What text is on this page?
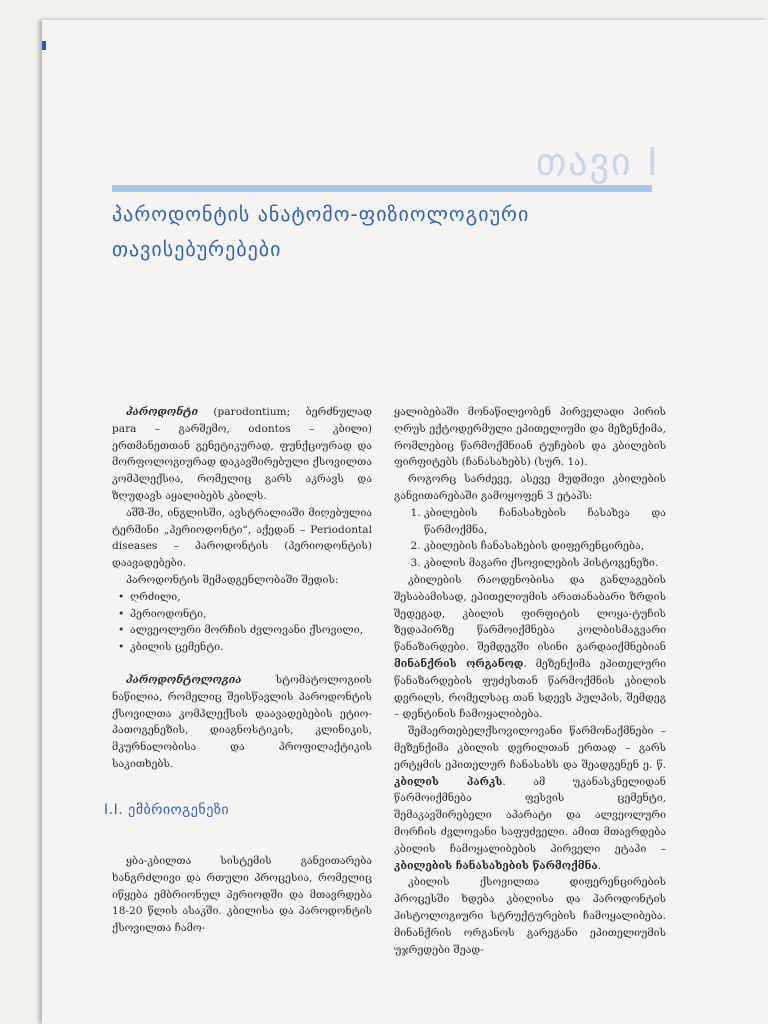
თავი I
პაროდონტის ანატომო-ფიზიოლოგიური თავისებურებები

პაროდონტი (parodontium; ბერძნულად para – გარშემო, odontos – კბილი) ერთმანეთთან გენეტიკურად, ფუნქციურად და მორფოლოგიურად დაკავშირებული ქსოვილთა კომპლექსია, რომელიც გარს აკრავს და ზღუდავს აყალიბებს კბილს.

აშშ-ში, ინგლისში, ავსტრალიაში მიღებულია ტერმინი „პერიოდონტი“, აქედან – Periodontal diseases – პაროდონტის (პერიოდონტის) დაავადებები.

პაროდონტის შემადგენლობაში შედის:

• ღრძილი,
• პერიოდონტი,
• ალვეოლური მორჩის ძვლოვანი ქსოვილი,
• კბილის ცემენტი.

პაროდონტოლოგია სტომატოლოგიის ნაწილია, რომელიც შეისწავლის პაროდონტის ქსოვილთა კომპლექსის დაავადებების ეტიო-პათოგენეზის, დიაგნოსტიკის, კლინიკის, მკურნალობისა და პროფილაქტიკის საკითხებს.

I.I. ემბრიოგენეზი

ყბა-კბილთა სისტემის განვითარება ხანგრძლივი და რთული პროცესია, რომელიც იწყება ემბრიონულ პერიოდში და მთავრდება 18-20 წლის ასაკში. კბილისა და პაროდონტის ქსოვილთა ჩამო-

ყალიბებაში მონაწილეობენ პირველადი პირის ღრუს ექტოდერმული ეპითელიუმი და მეზენქიმა, რომლებიც წარმოქმნიან ტუჩების და კბილების ფირფიტებს (ჩანასახებს) (სურ. 1ა).

როგორც სარძევე, ასევე მუდმივი კბილების განვითარებაში გამოყოფენ 3 ეტაპს:

1. კბილების ჩანასახების ჩასახვა და წარმოქმნა,
2. კბილების ჩანასახების დიფერენცირება,
3. კბილის მაგარი ქსოვილების ჰისტოგენეზი.

კბილების რაოდენობისა და განლაგების შესაბამისად, ეპითელიუმის არათანაბარი ზრდის შედეგად, კბილის ფირფიტის ლოყა-ტუჩის ზედაპირზე წარმოიქმნება კოლბისმაგვარი წანაზარდები. შემდეგში ისინი გარდაიქმნებიან მინანქრის ორგანოდ. მეზენქიმა ეპითელური წანაზარდების ფუძესთან წარმოქმნის კბილის დვრილს, რომელსაც თან სდევს პულპის, შემდეგ – დენტინის ჩამოყალიბება.

შემაერთებელქსოვილოვანი წარმონაქმნები – მეზენქიმა კბილის დვრილთან ერთად – გარს ერტყმის ეპითელურ ჩანასახს და შეადგენენ ე. წ. კბილის პარკს. ამ უკანასკნელიდან წარმოიქმნება ფესვის ცემენტი, შემაკავშირებელი აპარატი და ალვეოლური მორჩის ძვლოვანი საფუძველი. ამით მთავრდება კბილის ჩამოყალიბების პირველი ეტაპი – კბილების ჩანასახების წარმოქმნა.

კბილის ქსოვილთა დიფერენცირების პროცესში ხდება კბილისა და პაროდონტის ჰისტოლოგიური სტრუქტურების ჩამოყალიბება. მინანქრის ორგანოს გარეგანი ეპითელიუმის უჯრედები შეად-
